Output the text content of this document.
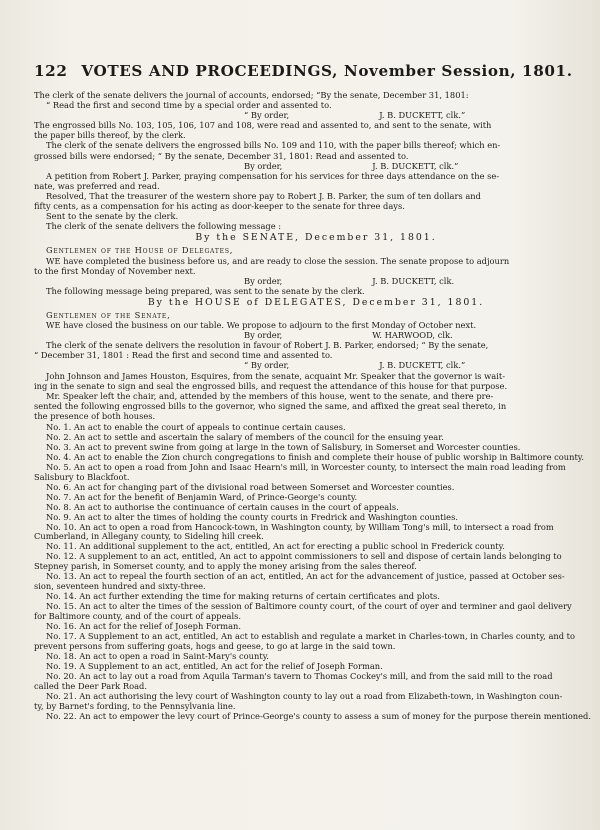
122 VOTES AND PROCEEDINGS, November Session, 1801.

The clerk of the senate delivers the journal of accounts, endorsed; “By the senate, December 31, 1801:

“ Read the first and second time by a special order and assented to.

“ By order,	J. B. DUCKETT, clk.”

The engrossed bills No. 103, 105, 106, 107 and 108, were read and assented to, and sent to the senate, with

the paper bills thereof, by the clerk.

The clerk of the senate delivers the engrossed bills No. 109 and 110, with the paper bills thereof; which en-

grossed bills were endorsed; “ By the senate, December 31, 1801: Read and assented to.

By order,	J. B. DUCKETT, clk.”

A petition from Robert J. Parker, praying compensation for his services for three days attendance on the se-

nate, was preferred and read.

Resolved, That the treasurer of the western shore pay to Robert J. B. Parker, the sum of ten dollars and

fifty cents, as a compensation for his acting as door-keeper to the senate for three days.

Sent to the senate by the clerk.

The clerk of the senate delivers the following message :

By the SENATE, December 31, 1801.

Gentlemen of the House of Delegates,

WE have completed the business before us, and are ready to close the session. The senate propose to adjourn

to the first Monday of November next.

By order,	J. B. DUCKETT, clk.

The following message being prepared, was sent to the senate by the clerk.

By the HOUSE of DELEGATES, December 31, 1801.

Gentlemen of the Senate,

WE have closed the business on our table. We propose to adjourn to the first Monday of October next.

By order,	W. HARWOOD, clk.

The clerk of the senate delivers the resolution in favour of Robert J. B. Parker, endorsed; “ By the senate,

“ December 31, 1801 : Read the first and second time and assented to.

“ By order,	J. B. DUCKETT, clk.”

John Johnson and James Houston, Esquires, from the senate, acquaint Mr. Speaker that the governor is wait-

ing in the senate to sign and seal the engrossed bills, and request the attendance of this house for that purpose.

Mr. Speaker left the chair, and, attended by the members of this house, went to the senate, and there pre-

sented the following engrossed bills to the governor, who signed the same, and affixed the great seal thereto, in

the presence of both houses.

No. 1. An act to enable the court of appeals to continue certain causes.

No. 2. An act to settle and ascertain the salary of members of the council for the ensuing year.

No. 3. An act to prevent swine from going at large in the town of Salisbury, in Somerset and Worcester counties.

No. 4. An act to enable the Zion church congregations to finish and complete their house of public worship in Baltimore county.

No. 5. An act to open a road from John and Isaac Hearn's mill, in Worcester county, to intersect the main road leading from

Salisbury to Blackfoot.

No. 6. An act for changing part of the divisional road between Somerset and Worcester counties.

No. 7. An act for the benefit of Benjamin Ward, of Prince-George's county.

No. 8. An act to authorise the continuance of certain causes in the court of appeals.

No. 9. An act to alter the times of holding the county courts in Fredrick and Washington counties.

No. 10. An act to open a road from Hancock-town, in Washington county, by William Tong's mill, to intersect a road from

Cumberland, in Allegany county, to Sideling hill creek.

No. 11. An additional supplement to the act, entitled, An act for erecting a public school in Frederick county.

No. 12. A supplement to an act, entitled, An act to appoint commissioners to sell and dispose of certain lands belonging to

Stepney parish, in Somerset county, and to apply the money arising from the sales thereof.

No. 13. An act to repeal the fourth section of an act, entitled, An act for the advancement of justice, passed at October ses-

sion, seventeen hundred and sixty-three.

No. 14. An act further extending the time for making returns of certain certificates and plots.

No. 15. An act to alter the times of the session of Baltimore county court, of the court of oyer and terminer and gaol delivery

for Baltimore county, and of the court of appeals.

No. 16. An act for the relief of Joseph Forman.

No. 17. A Supplement to an act, entitled, An act to establish and regulate a market in Charles-town, in Charles county, and to

prevent persons from suffering goats, hogs and geese, to go at large in the said town.

No. 18. An act to open a road in Saint-Mary's county.

No. 19. A Supplement to an act, entitled, An act for the relief of Joseph Forman.

No. 20. An act to lay out a road from Aquila Tarman's tavern to Thomas Cockey's mill, and from the said mill to the road

called the Deer Park Road.

No. 21. An act authorising the levy court of Washington county to lay out a road from Elizabeth-town, in Washington coun-

ty, by Barnet's fording, to the Pennsylvania line.

No. 22. An act to empower the levy court of Prince-George's county to assess a sum of money for the purpose therein mentioned.
